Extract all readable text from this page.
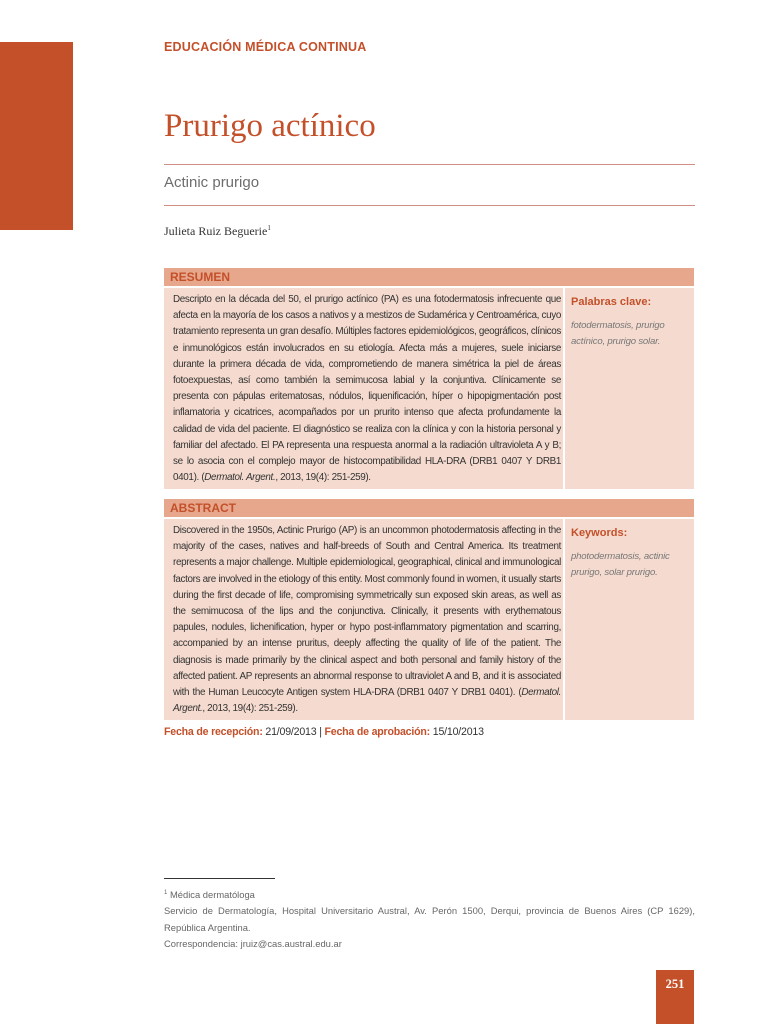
EDUCACIÓN MÉDICA CONTINUA
Prurigo actínico
Actinic prurigo
Julieta Ruiz Beguerie$^1$
RESUMEN
Descripto en la década del 50, el prurigo actínico (PA) es una fotodermatosis infrecuente que afecta en la mayoría de los casos a nativos y a mestizos de Sudamérica y Centroamérica, cuyo tratamiento representa un gran desafío. Múltiples factores epidemiológicos, geográficos, clínicos e inmunológicos están involucrados en su etiología. Afecta más a mujeres, suele iniciarse durante la primera década de vida, comprometiendo de manera simétrica la piel de áreas fotoexpuestas, así como también la semimucosa labial y la conjuntiva. Clínicamente se presenta con pápulas eritematosas, nódulos, liquenificación, híper o hipopigmentación post inflamatoria y cicatrices, acompañados por un prurito intenso que afecta profundamente la calidad de vida del paciente. El diagnóstico se realiza con la clínica y con la historia personal y familiar del afectado. El PA representa una respuesta anormal a la radiación ultravioleta A y B; se lo asocia con el complejo mayor de histocompatibilidad HLA-DRA (DRB1 0407 Y DRB1 0401). (Dermatol. Argent., 2013, 19(4): 251-259).
Palabras clave:
fotodermatosis, prurigo actínico, prurigo solar.
ABSTRACT
Discovered in the 1950s, Actinic Prurigo (AP) is an uncommon photodermatosis affecting in the majority of the cases, natives and half-breeds of South and Central America. Its treatment represents a major challenge. Multiple epidemiological, geographical, clinical and immunological factors are involved in the etiology of this entity. Most commonly found in women, it usually starts during the first decade of life, compromising symmetrically sun exposed skin areas, as well as the semimucosa of the lips and the conjunctiva. Clinically, it presents with erythematous papules, nodules, lichenification, hyper or hypo post-inflammatory pigmentation and scarring, accompanied by an intense pruritus, deeply affecting the quality of life of the patient. The diagnosis is made primarily by the clinical aspect and both personal and family history of the affected patient. AP represents an abnormal response to ultraviolet A and B, and it is associated with the Human Leucocyte Antigen system HLA-DRA (DRB1 0407 Y DRB1 0401). (Dermatol. Argent., 2013, 19(4): 251-259).
Keywords:
photodermatosis, actinic prurigo, solar prurigo.
Fecha de recepción: 21/09/2013 | Fecha de aprobación: 15/10/2013

$^1$ Médica dermatóloga

Servicio de Dermatología, Hospital Universitario Austral, Av. Perón 1500, Derqui, provincia de Buenos Aires (CP 1629), República Argentina.

Correspondencia: jruiz@cas.austral.edu.ar

251
